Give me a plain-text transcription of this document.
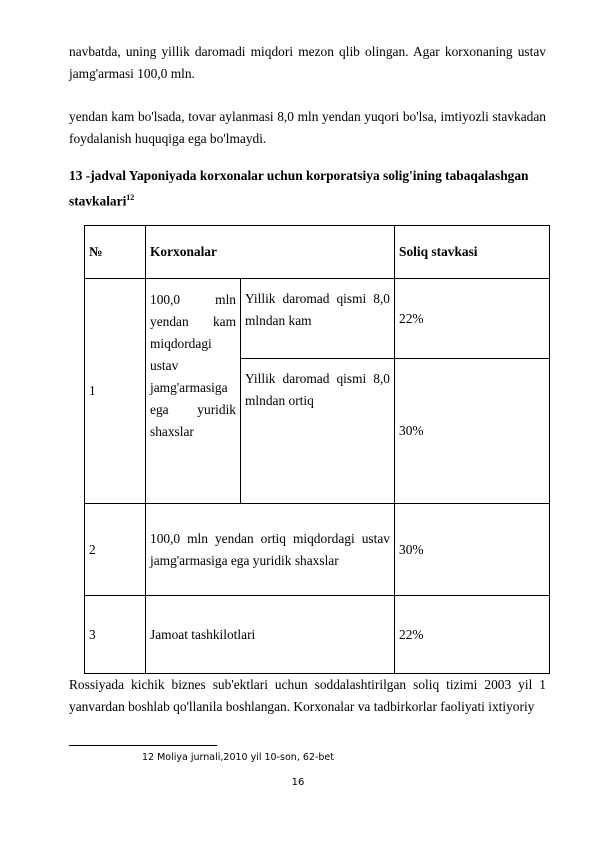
navbatda, uning yillik daromadi miqdori mezon qlib olingan. Agar korxonaning ustav jamg'armasi 100,0 mln.
yendan kam bo'lsada, tovar aylanmasi 8,0 mln yendan yuqori bo'lsa, imtiyozli stavkadan foydalanish huquqiga ega bo'lmaydi.
13 -jadval Yaponiyada korxonalar uchun korporatsiya solig'ining tabaqalashgan stavkalari$^{12}$
№	Korxonalar		Soliq stavkasi
1	100,0 mln yendan kam miqdordagi ustav jamg'armasiga ega yuridik shaxslar	Yillik daromad qismi 8,0 mlndan kam	22%
		Yillik daromad qismi 8,0 mlndan ortiq	30%
2	100,0 mln yendan ortiq miqdordagi ustav jamg'armasiga ega yuridik shaxslar		30%
3	Jamoat tashkilotlari		22%
Rossiyada kichik biznes sub'ektlari uchun soddalashtirilgan soliq tizimi 2003 yil 1 yanvardan boshlab qo'llanila boshlangan. Korxonalar va tadbirkorlar faoliyati ixtiyoriy
12 Moliya jurnali,2010 yil 10-son, 62-bet
16
